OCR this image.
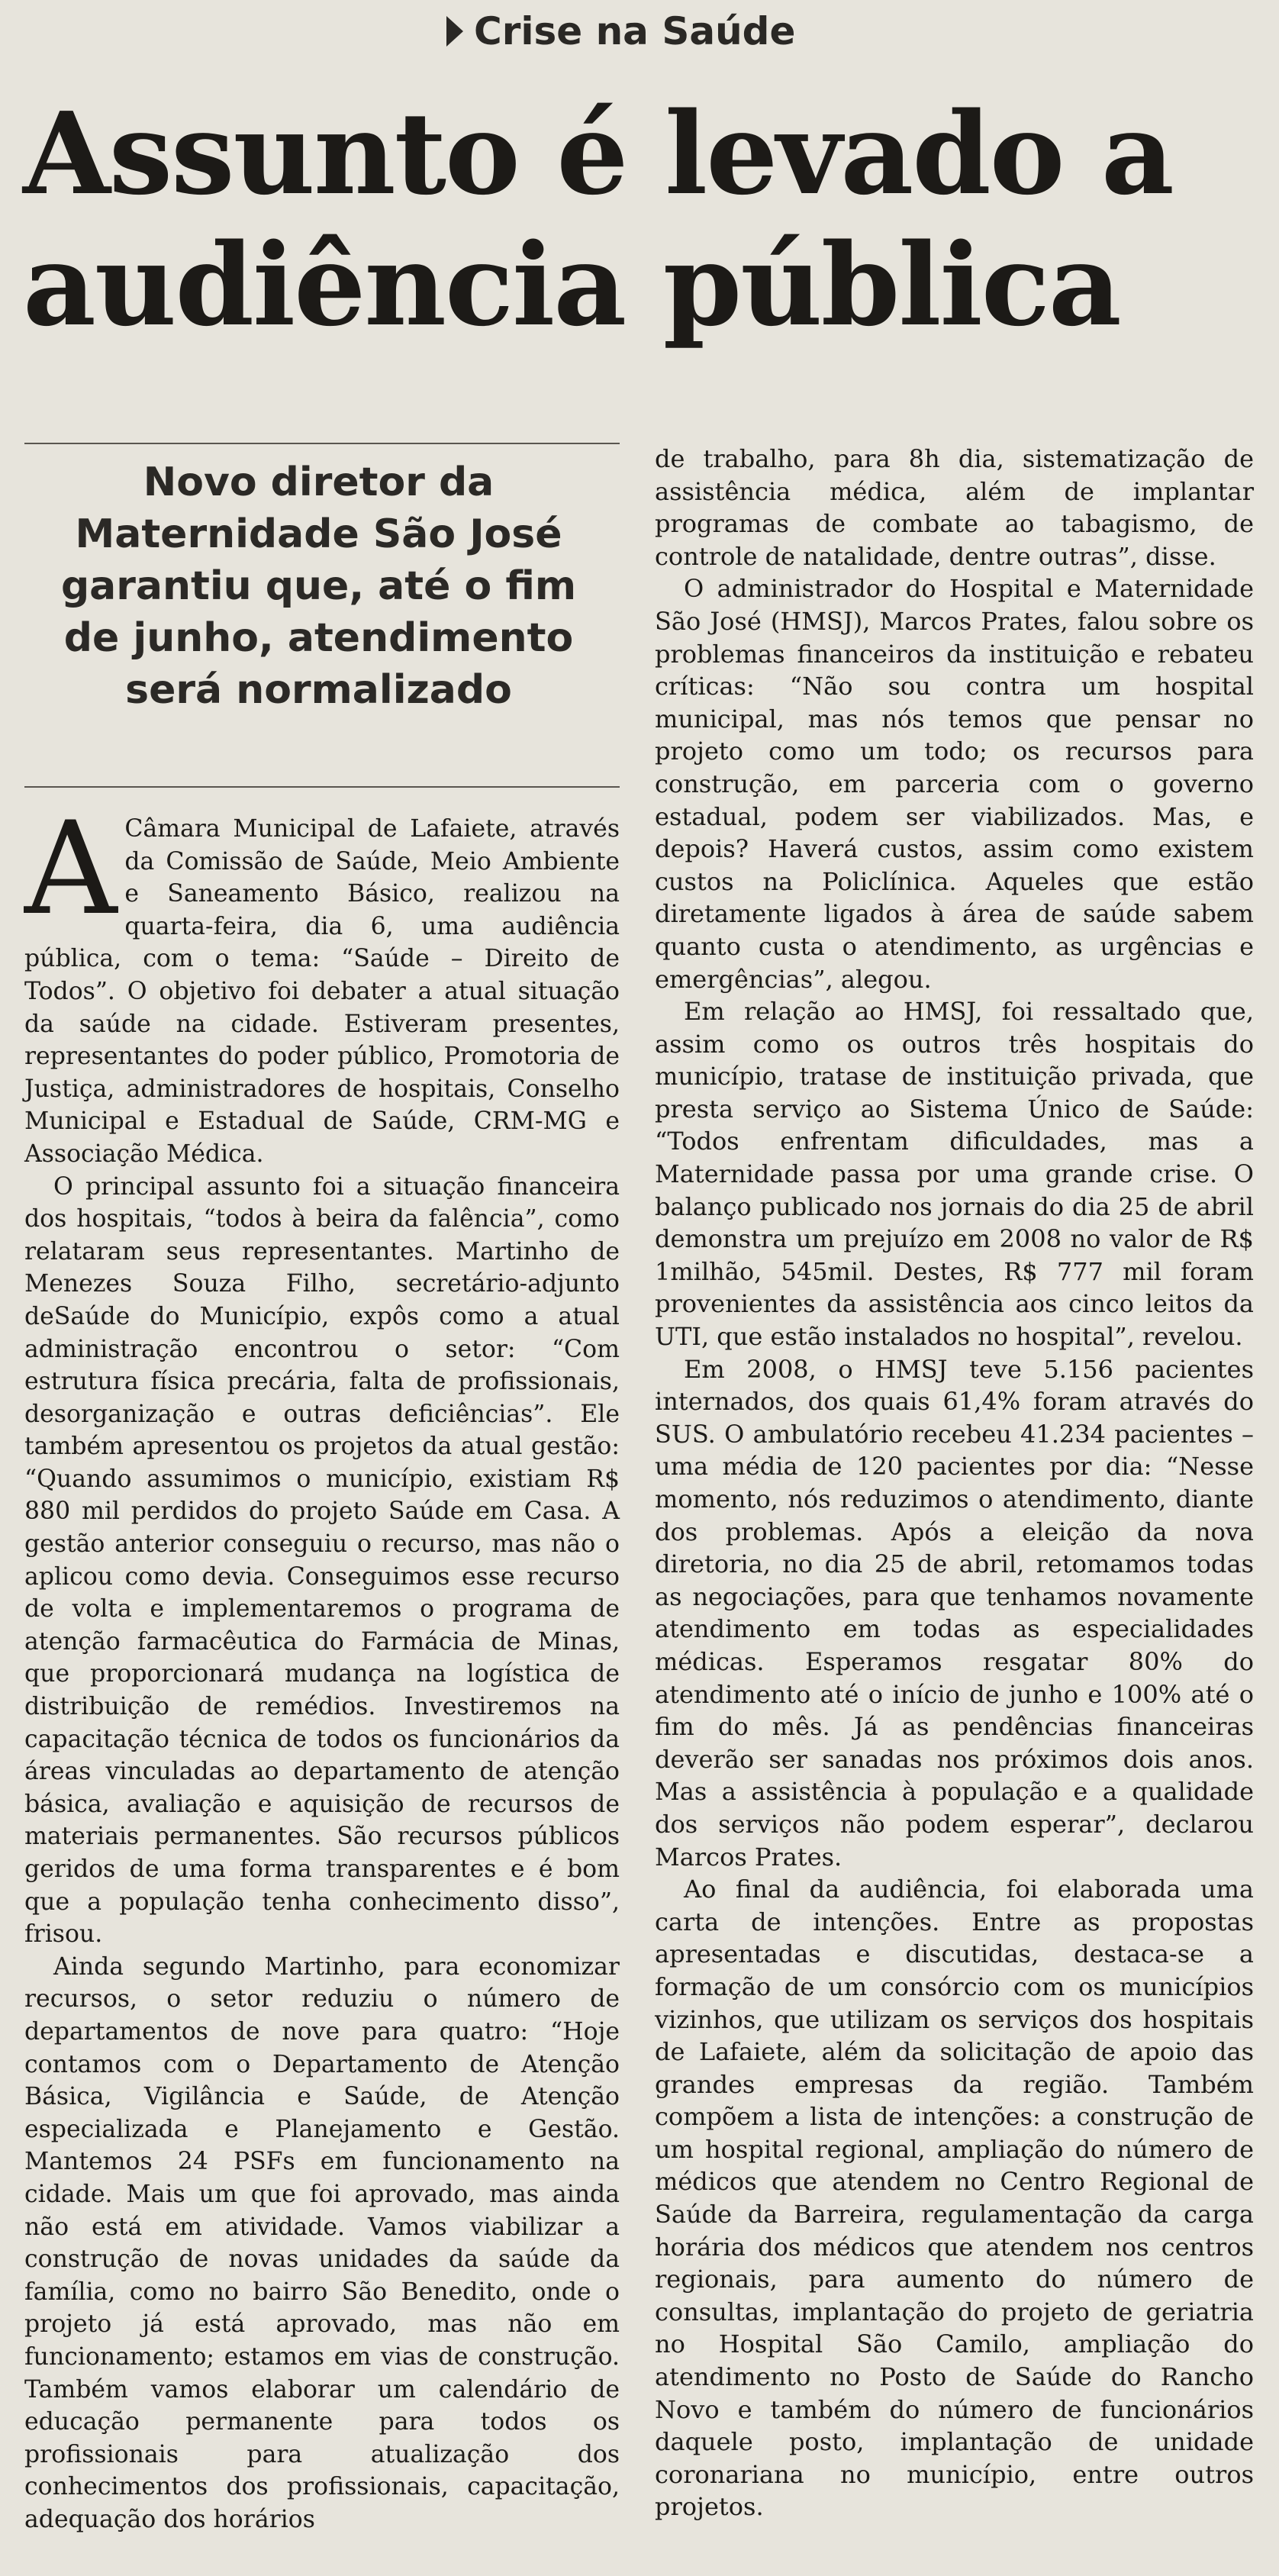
Crise na Saúde
Assunto é levado a audiência pública
Novo diretor da Maternidade São José garantiu que, até o fim de junho, atendimento será normalizado

A Câmara Municipal de Lafaiete, através da Comissão de Saúde, Meio Ambiente e Saneamento Básico, realizou na quarta-feira, dia 6, uma audiência pública, com o tema: “Saúde – Direito de Todos”. O objetivo foi debater a atual situação da saúde na cidade. Estiveram presentes, representantes do poder público, Promotoria de Justiça, administradores de hospitais, Conselho Municipal e Estadual de Saúde, CRM-MG e Associação Médica.

O principal assunto foi a situação financeira dos hospitais, “todos à beira da falência”, como relataram seus representantes. Martinho de Menezes Souza Filho, secretário-adjunto deSaúde do Município, expôs como a atual administração encontrou o setor: “Com estrutura física precária, falta de profissionais, desorganização e outras deficiências”. Ele também apresentou os projetos da atual gestão: “Quando assumimos o município, existiam R$ 880 mil perdidos do projeto Saúde em Casa. A gestão anterior conseguiu o recurso, mas não o aplicou como devia. Conseguimos esse recurso de volta e implementaremos o programa de atenção farmacêutica do Farmácia de Minas, que proporcionará mudança na logística de distribuição de remédios. Investiremos na capacitação técnica de todos os funcionários da áreas vinculadas ao departamento de atenção básica, avaliação e aquisição de recursos de materiais permanentes. São recursos públicos geridos de uma forma transparentes e é bom que a população tenha conhecimento disso”, frisou.

Ainda segundo Martinho, para economizar recursos, o setor reduziu o número de departamentos de nove para quatro: “Hoje contamos com o Departamento de Atenção Básica, Vigilância e Saúde, de Atenção especializada e Planejamento e Gestão. Mantemos 24 PSFs em funcionamento na cidade. Mais um que foi aprovado, mas ainda não está em atividade. Vamos viabilizar a construção de novas unidades da saúde da família, como no bairro São Benedito, onde o projeto já está aprovado, mas não em funcionamento; estamos em vias de construção. Também vamos elaborar um calendário de educação permanente para todos os profissionais para atualização dos conhecimentos dos profissionais, capacitação, adequação dos horários

de trabalho, para 8h dia, sistematização de assistência médica, além de implantar programas de combate ao tabagismo, de controle de natalidade, dentre outras”, disse.

O administrador do Hospital e Maternidade São José (HMSJ), Marcos Prates, falou sobre os problemas financeiros da instituição e rebateu críticas: “Não sou contra um hospital municipal, mas nós temos que pensar no projeto como um todo; os recursos para construção, em parceria com o governo estadual, podem ser viabilizados. Mas, e depois? Haverá custos, assim como existem custos na Policlínica. Aqueles que estão diretamente ligados à área de saúde sabem quanto custa o atendimento, as urgências e emergências”, alegou.

Em relação ao HMSJ, foi ressaltado que, assim como os outros três hospitais do município, tratase de instituição privada, que presta serviço ao Sistema Único de Saúde: “Todos enfrentam dificuldades, mas a Maternidade passa por uma grande crise. O balanço publicado nos jornais do dia 25 de abril demonstra um prejuízo em 2008 no valor de R$ 1milhão, 545mil. Destes, R$ 777 mil foram provenientes da assistência aos cinco leitos da UTI, que estão instalados no hospital”, revelou.

Em 2008, o HMSJ teve 5.156 pacientes internados, dos quais 61,4% foram através do SUS. O ambulatório recebeu 41.234 pacientes – uma média de 120 pacientes por dia: “Nesse momento, nós reduzimos o atendimento, diante dos problemas. Após a eleição da nova diretoria, no dia 25 de abril, retomamos todas as negociações, para que tenhamos novamente atendimento em todas as especialidades médicas. Esperamos resgatar 80% do atendimento até o início de junho e 100% até o fim do mês. Já as pendências financeiras deverão ser sanadas nos próximos dois anos. Mas a assistência à população e a qualidade dos serviços não podem esperar”, declarou Marcos Prates.

Ao final da audiência, foi elaborada uma carta de intenções. Entre as propostas apresentadas e discutidas, destaca-se a formação de um consórcio com os municípios vizinhos, que utilizam os serviços dos hospitais de Lafaiete, além da solicitação de apoio das grandes empresas da região. Também compõem a lista de intenções: a construção de um hospital regional, ampliação do número de médicos que atendem no Centro Regional de Saúde da Barreira, regulamentação da carga horária dos médicos que atendem nos centros regionais, para aumento do número de consultas, implantação do projeto de geriatria no Hospital São Camilo, ampliação do atendimento no Posto de Saúde do Rancho Novo e também do número de funcionários daquele posto, implantação de unidade coronariana no município, entre outros projetos.
